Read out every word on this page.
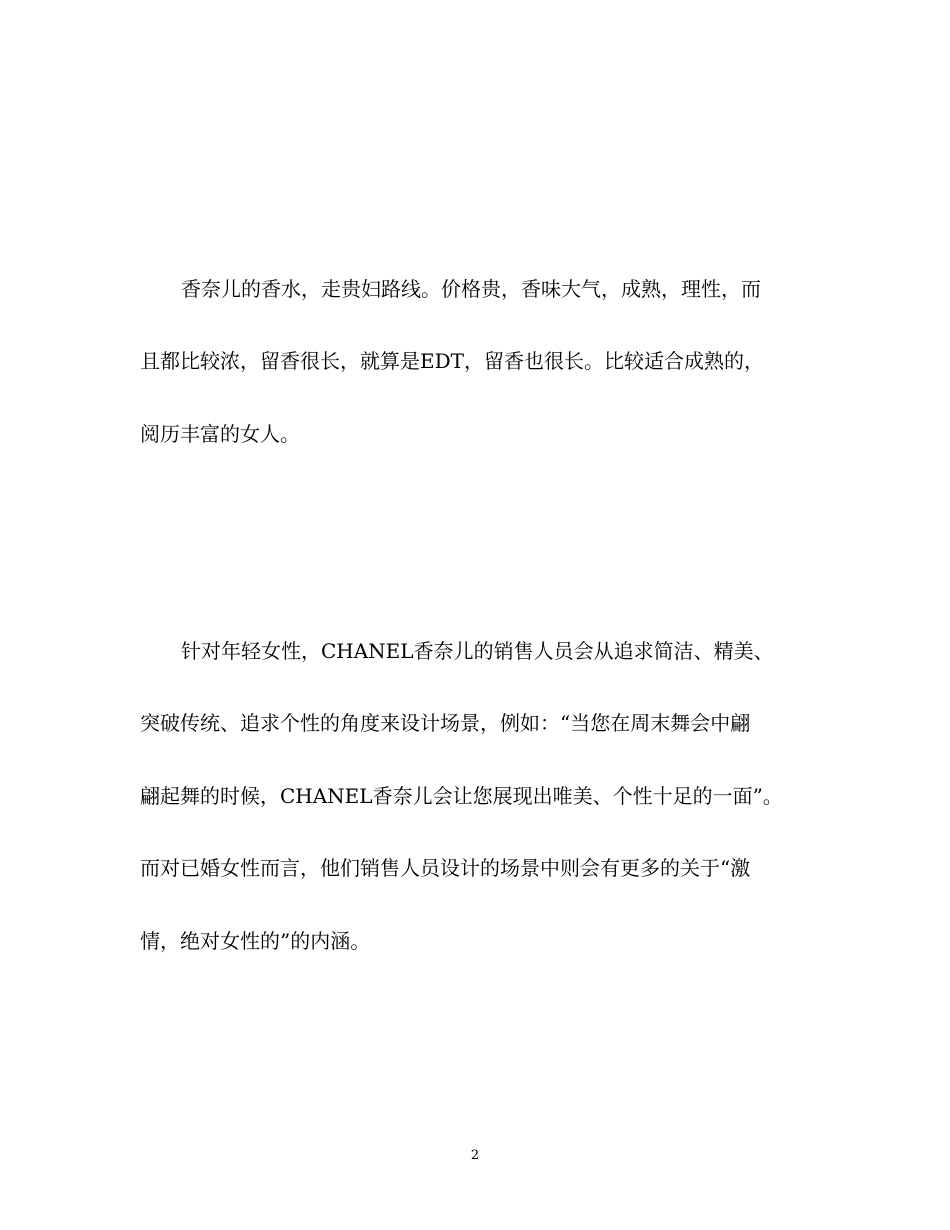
香奈儿的香水，走贵妇路线。价格贵，香味大气，成熟，理性，而
且都比较浓，留香很长，就算是EDT，留香也很长。比较适合成熟的，
阅历丰富的女人。
针对年轻女性，CHANEL香奈儿的销售人员会从追求简洁、精美、
突破传统、追求个性的角度来设计场景，例如：“当您在周末舞会中翩
翩起舞的时候，CHANEL香奈儿会让您展现出唯美、个性十足的一面”。
而对已婚女性而言，他们销售人员设计的场景中则会有更多的关于“激
情，绝对女性的”的内涵。
2
